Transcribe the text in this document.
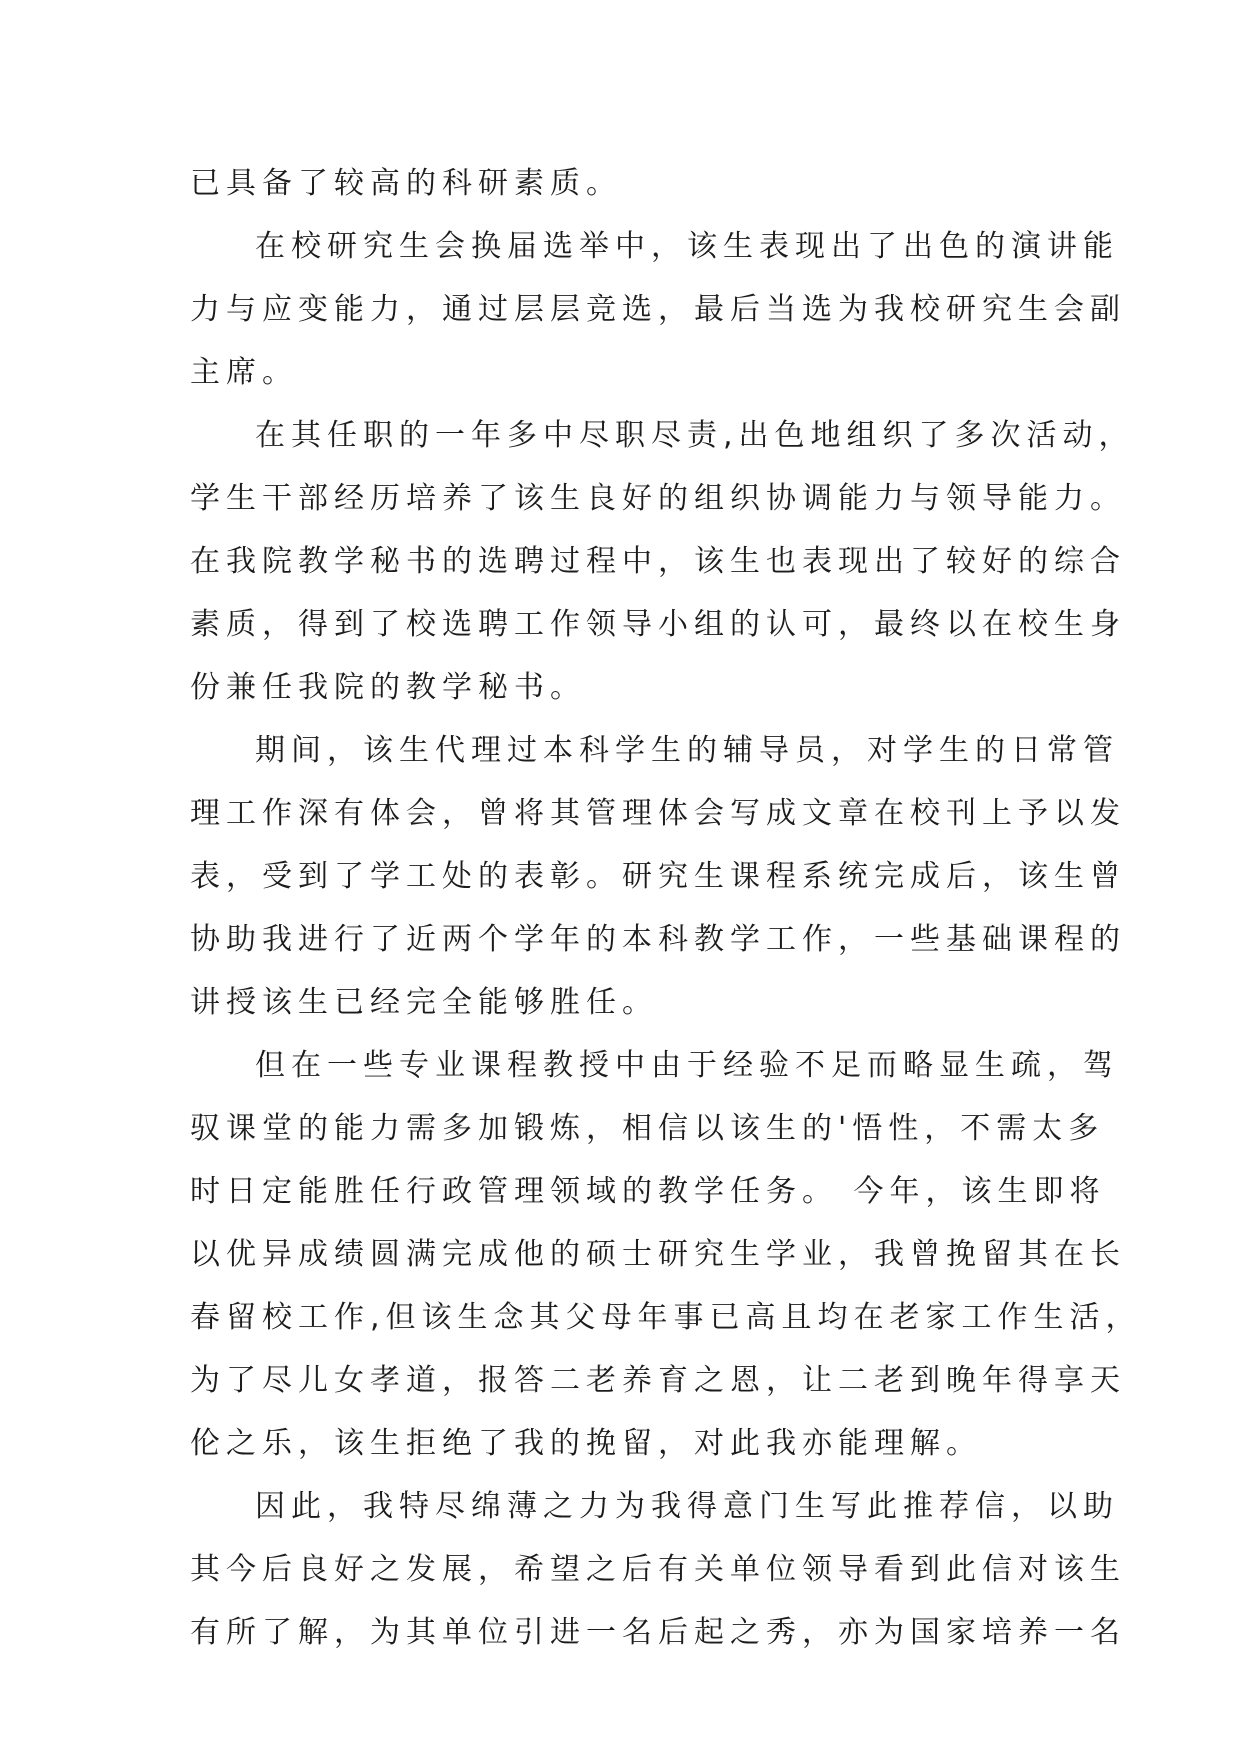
已具备了较高的科研素质。
在校研究生会换届选举中，该生表现出了出色的演讲能
力与应变能力，通过层层竞选，最后当选为我校研究生会副
主席。
在其任职的一年多中尽职尽责,出色地组织了多次活动，
学生干部经历培养了该生良好的组织协调能力与领导能力。
在我院教学秘书的选聘过程中，该生也表现出了较好的综合
素质，得到了校选聘工作领导小组的认可，最终以在校生身
份兼任我院的教学秘书。
期间，该生代理过本科学生的辅导员，对学生的日常管
理工作深有体会，曾将其管理体会写成文章在校刊上予以发
表，受到了学工处的表彰。研究生课程系统完成后，该生曾
协助我进行了近两个学年的本科教学工作，一些基础课程的
讲授该生已经完全能够胜任。
但在一些专业课程教授中由于经验不足而略显生疏，驾
驭课堂的能力需多加锻炼，相信以该生的'悟性，不需太多
时日定能胜任行政管理领域的教学任务。 今年，该生即将
以优异成绩圆满完成他的硕士研究生学业，我曾挽留其在长
春留校工作,但该生念其父母年事已高且均在老家工作生活，
为了尽儿女孝道，报答二老养育之恩，让二老到晚年得享天
伦之乐，该生拒绝了我的挽留，对此我亦能理解。
因此，我特尽绵薄之力为我得意门生写此推荐信，以助
其今后良好之发展，希望之后有关单位领导看到此信对该生
有所了解，为其单位引进一名后起之秀，亦为国家培养一名
